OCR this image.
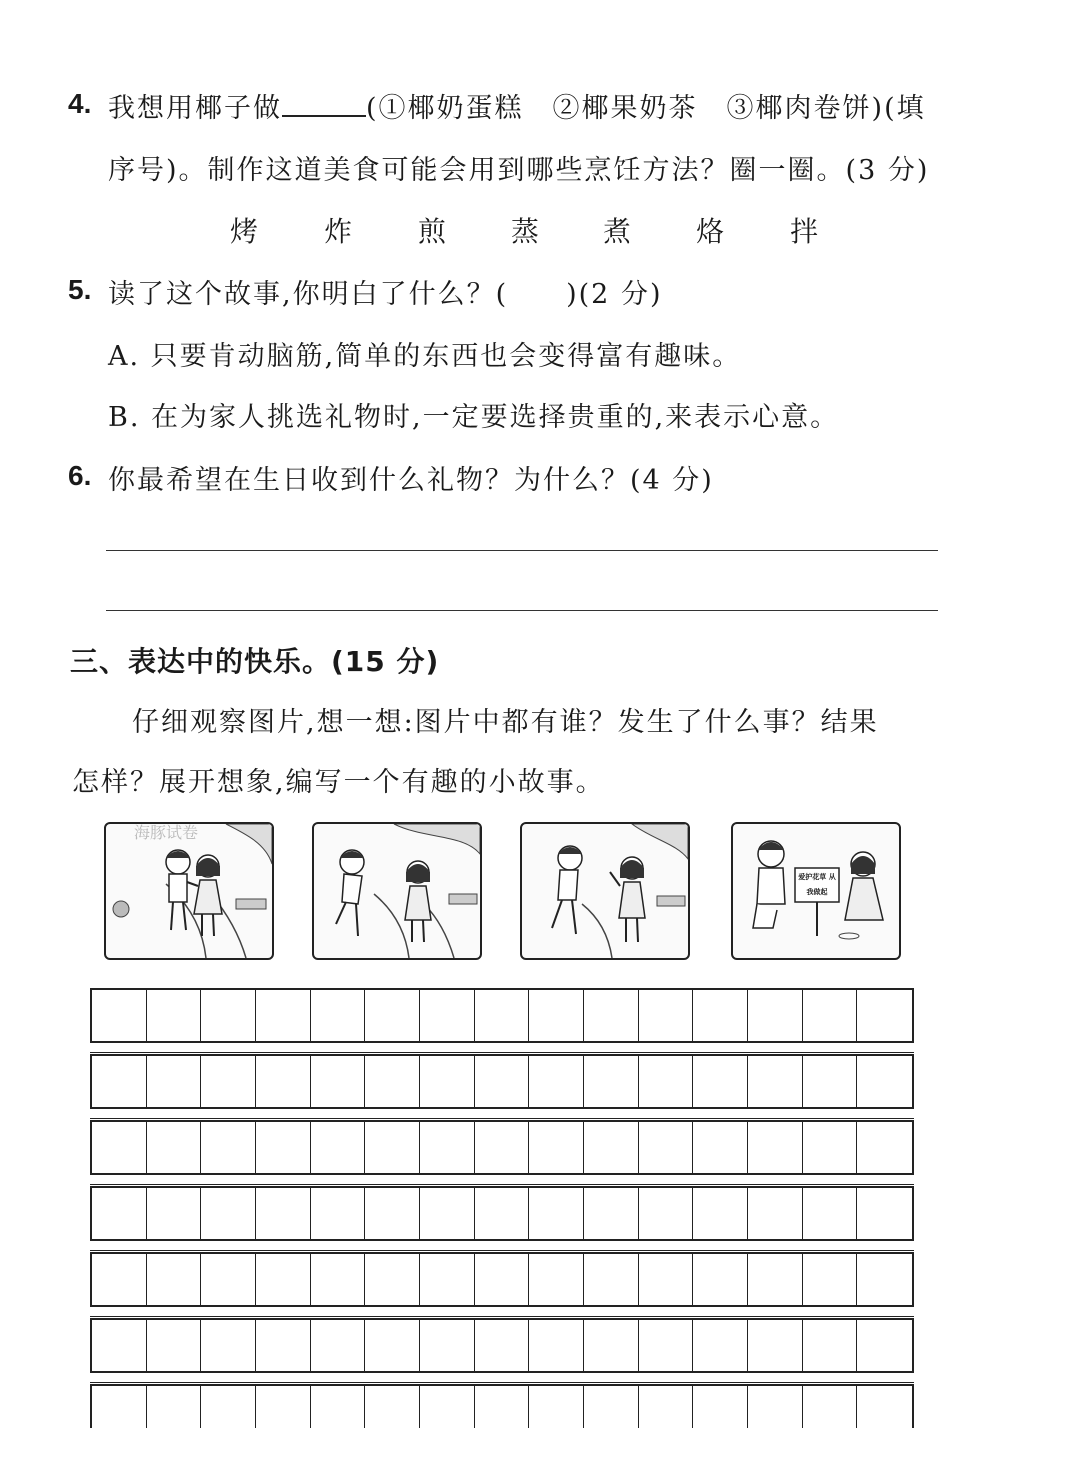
4. 我想用椰子做	(①椰奶蛋糕　②椰果奶茶　③椰肉卷饼)(填
序号)。制作这道美食可能会用到哪些烹饪方法？圈一圈。(3 分)
烤 炸 煎 蒸 煮 烙 拌
5. 读了这个故事,你明白了什么？(　　)(2 分)
A. 只要肯动脑筋,简单的东西也会变得富有趣味。
B. 在为家人挑选礼物时,一定要选择贵重的,来表示心意。
6. 你最希望在生日收到什么礼物？为什么？(4 分)
三、表达中的快乐。(15 分)
仔细观察图片,想一想:图片中都有谁？发生了什么事？结果
怎样？展开想象,编写一个有趣的小故事。
爱护花草 从我做起
海豚试卷
